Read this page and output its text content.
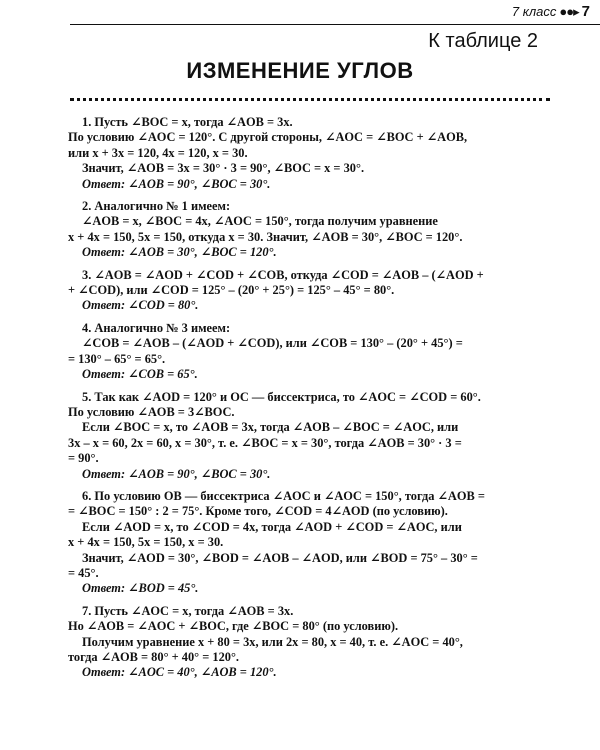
7 класс ●●▸ 7
К таблице 2
ИЗМЕНЕНИЕ УГЛОВ
1. Пусть ∠BOC = x, тогда ∠AOB = 3x.
По условию ∠AOC = 120°. С другой стороны, ∠AOC = ∠BOC + ∠AOB,
или x + 3x = 120, 4x = 120, x = 30.
Значит, ∠AOB = 3x = 30° · 3 = 90°, ∠BOC = x = 30°.
Ответ: ∠AOB = 90°, ∠BOC = 30°.
2. Аналогично № 1 имеем:
∠AOB = x, ∠BOC = 4x, ∠AOC = 150°, тогда получим уравнение
x + 4x = 150, 5x = 150, откуда x = 30. Значит, ∠AOB = 30°, ∠BOC = 120°.
Ответ: ∠AOB = 30°, ∠BOC = 120°.
3. ∠AOB = ∠AOD + ∠COD + ∠COB, откуда ∠COD = ∠AOB – (∠AOD +
+ ∠COD), или ∠COD = 125° – (20° + 25°) = 125° – 45° = 80°.
Ответ: ∠COD = 80°.
4. Аналогично № 3 имеем:
∠COB = ∠AOB – (∠AOD + ∠COD), или ∠COB = 130° – (20° + 45°) =
= 130° – 65° = 65°.
Ответ: ∠COB = 65°.
5. Так как ∠AOD = 120° и OC — биссектриса, то ∠AOC = ∠COD = 60°.
По условию ∠AOB = 3∠BOC.
Если ∠BOC = x, то ∠AOB = 3x, тогда ∠AOB – ∠BOC = ∠AOC, или
3x – x = 60, 2x = 60, x = 30°, т. е. ∠BOC = x = 30°, тогда ∠AOB = 30° · 3 =
= 90°.
Ответ: ∠AOB = 90°, ∠BOC = 30°.
6. По условию OB — биссектриса ∠AOC и ∠AOC = 150°, тогда ∠AOB =
= ∠BOC = 150° : 2 = 75°. Кроме того, ∠COD = 4∠AOD (по условию).
Если ∠AOD = x, то ∠COD = 4x, тогда ∠AOD + ∠COD = ∠AOC, или
x + 4x = 150, 5x = 150, x = 30.
Значит, ∠AOD = 30°, ∠BOD = ∠AOB – ∠AOD, или ∠BOD = 75° – 30° =
= 45°.
Ответ: ∠BOD = 45°.
7. Пусть ∠AOC = x, тогда ∠AOB = 3x.
Но ∠AOB = ∠AOC + ∠BOC, где ∠BOC = 80° (по условию).
Получим уравнение x + 80 = 3x, или 2x = 80, x = 40, т. е. ∠AOC = 40°,
тогда ∠AOB = 80° + 40° = 120°.
Ответ: ∠AOC = 40°, ∠AOB = 120°.
